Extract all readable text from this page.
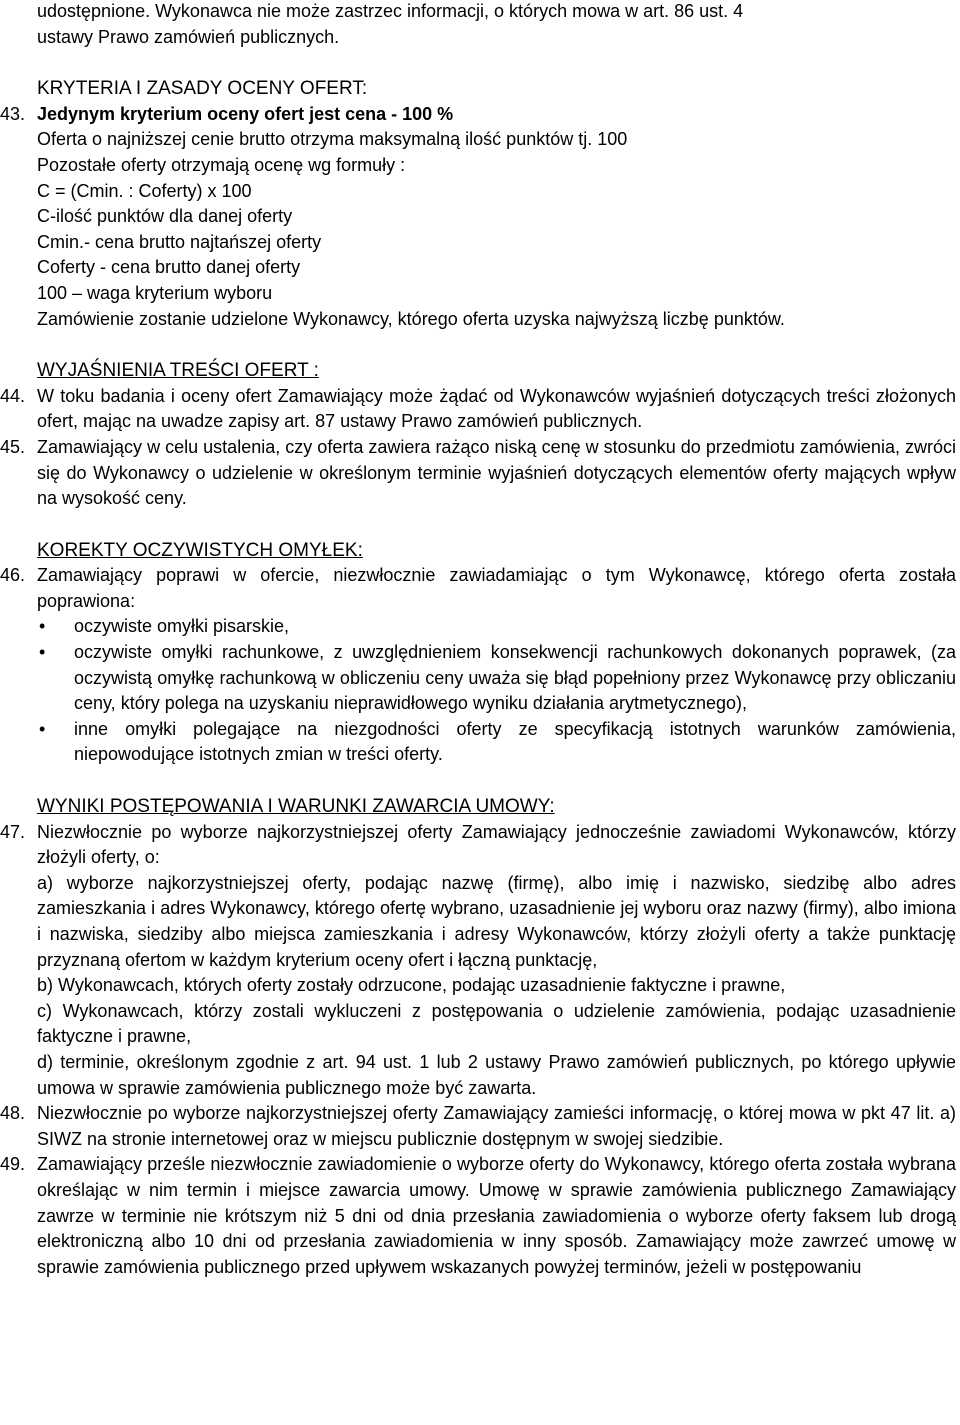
udostępnione. Wykonawca nie może zastrzec informacji, o których mowa w art. 86 ust. 4

ustawy Prawo zamówień publicznych.

KRYTERIA I ZASADY OCENY OFERT:

43. Jedynym kryterium oceny ofert jest cena - 100 %

Oferta o najniższej cenie brutto otrzyma maksymalną ilość punktów tj. 100

Pozostałe oferty otrzymają ocenę wg formuły :

C = (Cmin. : Coferty) x 100

C-ilość punktów dla danej oferty

Cmin.- cena brutto najtańszej oferty

Coferty - cena brutto danej oferty

100 – waga kryterium wyboru

Zamówienie zostanie udzielone Wykonawcy, którego oferta uzyska najwyższą liczbę punktów.

WYJAŚNIENIA TREŚCI OFERT :

44. W toku badania i oceny ofert Zamawiający może żądać od Wykonawców wyjaśnień dotyczących treści złożonych ofert, mając na uwadze zapisy art. 87 ustawy Prawo zamówień publicznych.
45. Zamawiający w celu ustalenia, czy oferta zawiera rażąco niską cenę w stosunku do przedmiotu zamówienia, zwróci się do Wykonawcy o udzielenie w określonym terminie wyjaśnień dotyczących elementów oferty mających wpływ na wysokość ceny.

KOREKTY OCZYWISTYCH OMYŁEK:

46. Zamawiający poprawi w ofercie, niezwłocznie zawiadamiając o tym Wykonawcę, którego oferta została poprawiona:
•	oczywiste omyłki pisarskie,
•	oczywiste omyłki rachunkowe, z uwzględnieniem konsekwencji rachunkowych dokonanych poprawek, (za oczywistą omyłkę rachunkową w obliczeniu ceny uważa się błąd popełniony przez Wykonawcę przy obliczaniu ceny, który polega na uzyskaniu nieprawidłowego wyniku działania arytmetycznego),
•	inne omyłki polegające na niezgodności oferty ze specyfikacją istotnych warunków zamówienia, niepowodujące istotnych zmian w treści oferty.

WYNIKI POSTĘPOWANIA I WARUNKI ZAWARCIA UMOWY:

47. Niezwłocznie po wyborze najkorzystniejszej oferty Zamawiający jednocześnie zawiadomi Wykonawców, którzy złożyli oferty, o:

a) wyborze najkorzystniejszej oferty, podając nazwę (firmę), albo imię i nazwisko, siedzibę albo adres zamieszkania i adres Wykonawcy, którego ofertę wybrano, uzasadnienie jej wyboru oraz nazwy (firmy), albo imiona i nazwiska, siedziby albo miejsca zamieszkania i adresy Wykonawców, którzy złożyli oferty a także punktację przyznaną ofertom w każdym kryterium oceny ofert i łączną punktację,

b) Wykonawcach, których oferty zostały odrzucone, podając uzasadnienie faktyczne i prawne,

c) Wykonawcach, którzy zostali wykluczeni z postępowania o udzielenie zamówienia, podając uzasadnienie faktyczne i prawne,

d) terminie, określonym zgodnie z art. 94 ust. 1 lub 2 ustawy Prawo zamówień publicznych, po którego upływie umowa w sprawie zamówienia publicznego może być zawarta.

48. Niezwłocznie po wyborze najkorzystniejszej oferty Zamawiający zamieści informację, o której mowa w pkt 47 lit. a) SIWZ na stronie internetowej oraz w miejscu publicznie dostępnym w swojej siedzibie.
49. Zamawiający prześle niezwłocznie zawiadomienie o wyborze oferty do Wykonawcy, którego oferta została wybrana określając w nim termin i miejsce zawarcia umowy. Umowę w sprawie zamówienia publicznego Zamawiający zawrze w terminie nie krótszym niż 5 dni od dnia przesłania zawiadomienia o wyborze oferty faksem lub drogą elektroniczną albo 10 dni od przesłania zawiadomienia w inny sposób. Zamawiający może zawrzeć umowę w sprawie zamówienia publicznego przed upływem wskazanych powyżej terminów, jeżeli w postępowaniu
